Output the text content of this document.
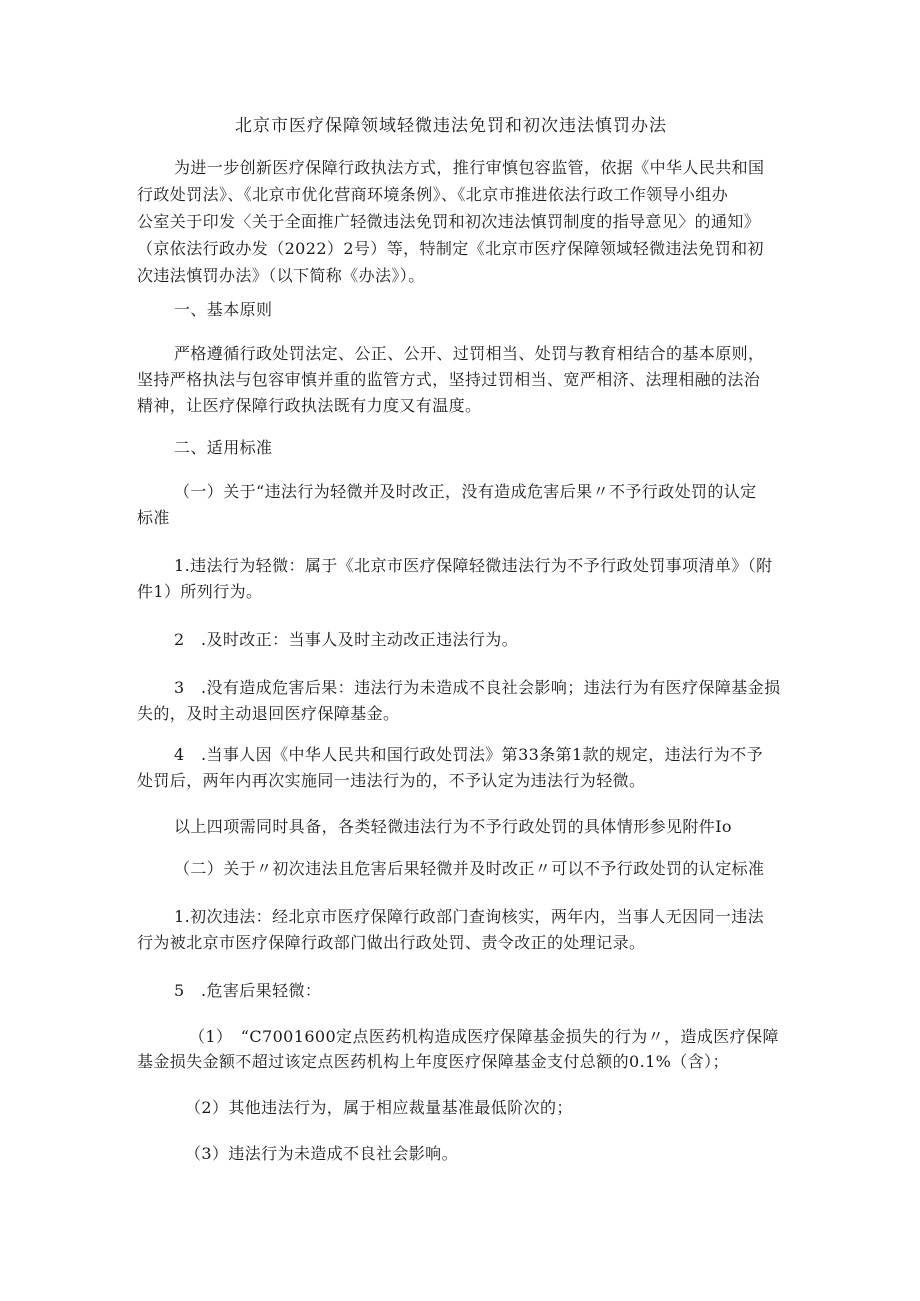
北京市医疗保障领域轻微违法免罚和初次违法慎罚办法
为进一步创新医疗保障行政执法方式，推行审慎包容监管，依据《中华人民共和国
行政处罚法》、《北京市优化营商环境条例》、《北京市推进依法行政工作领导小组办
公室关于印发〈关于全面推广轻微违法免罚和初次违法慎罚制度的指导意见〉的通知》
（京依法行政办发（2022）2号）等，特制定《北京市医疗保障领域轻微违法免罚和初
次违法慎罚办法》（以下简称《办法》）。
一、基本原则
严格遵循行政处罚法定、公正、公开、过罚相当、处罚与教育相结合的基本原则，
坚持严格执法与包容审慎并重的监管方式，坚持过罚相当、宽严相济、法理相融的法治
精神，让医疗保障行政执法既有力度又有温度。
二、适用标准
（一）关于“违法行为轻微并及时改正，没有造成危害后果〃不予行政处罚的认定
标准
1.违法行为轻微：属于《北京市医疗保障轻微违法行为不予行政处罚事项清单》（附
件1）所列行为。
2　.及时改正：当事人及时主动改正违法行为。
3　.没有造成危害后果：违法行为未造成不良社会影响；违法行为有医疗保障基金损
失的，及时主动退回医疗保障基金。
4　.当事人因《中华人民共和国行政处罚法》第33条第1款的规定，违法行为不予
处罚后，两年内再次实施同一违法行为的，不予认定为违法行为轻微。
以上四项需同时具备，各类轻微违法行为不予行政处罚的具体情形参见附件Io
（二）关于〃初次违法且危害后果轻微并及时改正〃可以不予行政处罚的认定标准
1.初次违法：经北京市医疗保障行政部门查询核实，两年内，当事人无因同一违法
行为被北京市医疗保障行政部门做出行政处罚、责令改正的处理记录。
5　.危害后果轻微：
（1）　“C7001600定点医药机构造成医疗保障基金损失的行为〃，造成医疗保障
基金损失金额不超过该定点医药机构上年度医疗保障基金支付总额的0.1%（含）；
（2）其他违法行为，属于相应裁量基准最低阶次的；
（3）违法行为未造成不良社会影响。
